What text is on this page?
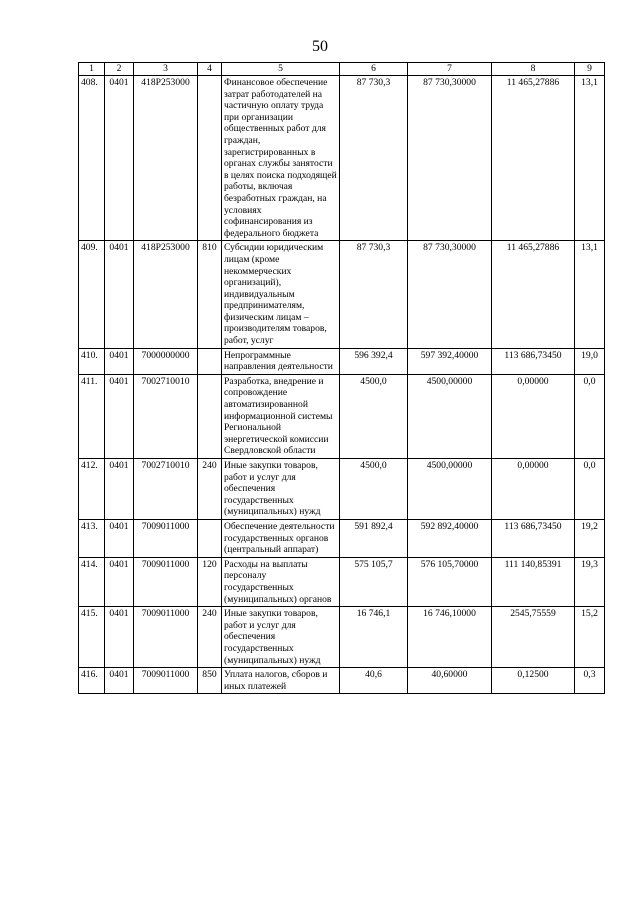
50
1	2	3	4	5	6	7	8	9
408.	0401	418P253000		Финансовое обеспечение затрат работодателей на частичную оплату труда при организации общественных работ для граждан, зарегистрированных в органах службы занятости в целях поиска подходящей работы, включая безработных граждан, на условиях софинансирования из федерального бюджета	87 730,3	87 730,30000	11 465,27886	13,1
409.	0401	418P253000	810	Субсидии юридическим лицам (кроме некоммерческих организаций), индивидуальным предпринимателям, физическим лицам – производителям товаров, работ, услуг	87 730,3	87 730,30000	11 465,27886	13,1
410.	0401	7000000000		Непрограммные направления деятельности	596 392,4	597 392,40000	113 686,73450	19,0
411.	0401	7002710010		Разработка, внедрение и сопровождение автоматизированной информационной системы Региональной энергетической комиссии Свердловской области	4500,0	4500,00000	0,00000	0,0
412.	0401	7002710010	240	Иные закупки товаров, работ и услуг для обеспечения государственных (муниципальных) нужд	4500,0	4500,00000	0,00000	0,0
413.	0401	7009011000		Обеспечение деятельности государственных органов (центральный аппарат)	591 892,4	592 892,40000	113 686,73450	19,2
414.	0401	7009011000	120	Расходы на выплаты персоналу государственных (муниципальных) органов	575 105,7	576 105,70000	111 140,85391	19,3
415.	0401	7009011000	240	Иные закупки товаров, работ и услуг для обеспечения государственных (муниципальных) нужд	16 746,1	16 746,10000	2545,75559	15,2
416.	0401	7009011000	850	Уплата налогов, сборов и иных платежей	40,6	40,60000	0,12500	0,3
